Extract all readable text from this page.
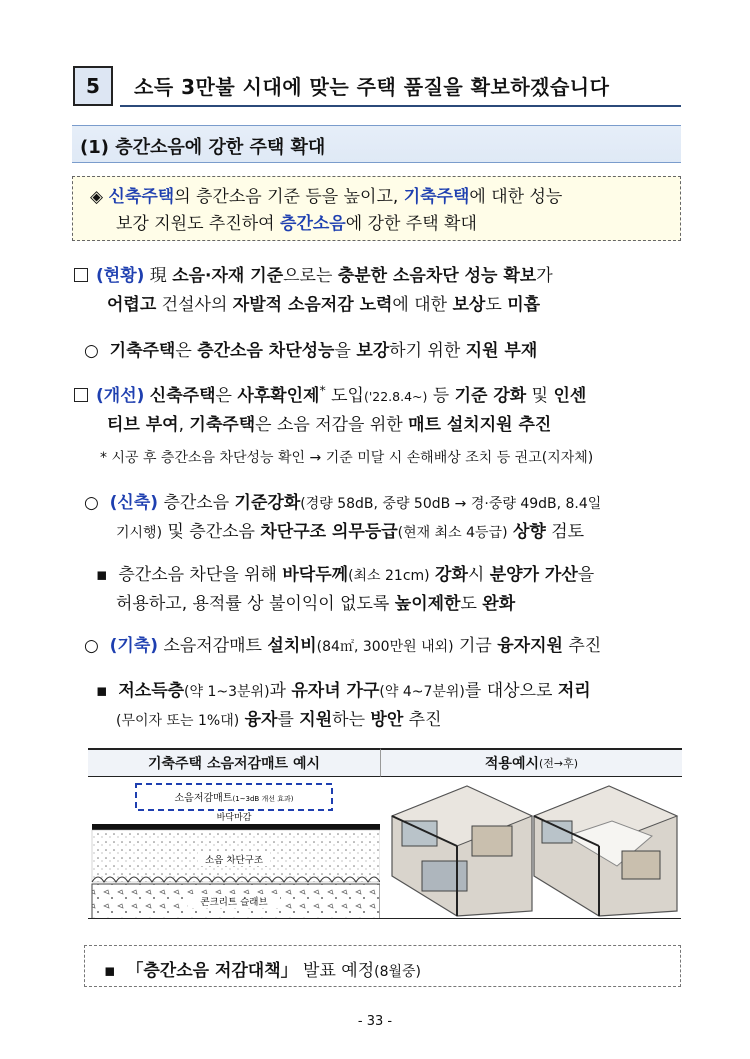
5	소득 3만불 시대에 맞는 주택 품질을 확보하겠습니다
(1) 층간소음에 강한 주택 확대
◈ 신축주택의 층간소음 기준 등을 높이고, 기축주택에 대한 성능
보강 지원도 추진하여 층간소음에 강한 주택 확대
(현황) 現 소음·자재 기준으로는 충분한 소음차단 성능 확보가
어렵고 건설사의 자발적 소음저감 노력에 대한 보상도 미흡
○ 기축주택은 층간소음 차단성능을 보강하기 위한 지원 부재
(개선) 신축주택은 사후확인제* 도입('22.8.4~) 등 기준 강화 및 인센
티브 부여, 기축주택은 소음 저감을 위한 매트 설치지원 추진
* 시공 후 층간소음 차단성능 확인 → 기준 미달 시 손해배상 조치 등 권고(지자체)
○ (신축) 층간소음 기준강화(경량 58dB, 중량 50dB → 경·중량 49dB, 8.4일
기시행) 및 층간소음 차단구조 의무등급(현재 최소 4등급) 상향 검토
▪ 층간소음 차단을 위해 바닥두께(최소 21cm) 강화시 분양가 가산을
허용하고, 용적률 상 불이익이 없도록 높이제한도 완화
○ (기축) 소음저감매트 설치비(84㎡, 300만원 내외) 기금 융자지원 추진
▪ 저소득층(약 1~3분위)과 유자녀 가구(약 4~7분위)를 대상으로 저리
(무이자 또는 1%대) 융자를 지원하는 방안 추진
기축주택 소음저감매트 예시	적용예시 (전→후)
소음저감매트(1~3dB 개선 효과)
바닥마감
소음 차단구조
콘크리트 슬래브
▪ 「층간소음 저감대책」 발표 예정(8월중)
- 33 -
